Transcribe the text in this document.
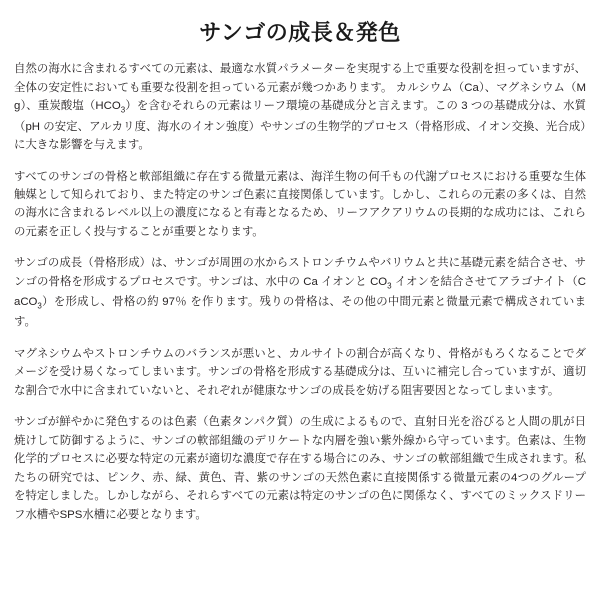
サンゴの成長＆発色

自然の海水に含まれるすべての元素は、最適な水質パラメーターを実現する上で重要な役割を担っていますが、全体の安定性においても重要な役割を担っている元素が幾つかあります。 カルシウム（Ca）、マグネシウム（Mg）、重炭酸塩$(HCO_3)$を含むそれらの元素はリーフ環境の基礎成分と言えます。この 3 つの基礎成分は、水質（pH の安定、アルカリ度、海水のイオン強度）やサンゴの生物学的プロセス（骨格形成、イオン交換、光合成）に大きな影響を与えます。

すべてのサンゴの骨格と軟部組織に存在する微量元素は、海洋生物の何千もの代謝プロセスにおける重要な生体触媒として知られており、また特定のサンゴ色素に直接関係しています。しかし、これらの元素の多くは、自然の海水に含まれるレベル以上の濃度になると有毒となるため、リーフアクアリウムの長期的な成功には、これらの元素を正しく投与することが重要となります。

サンゴの成長（骨格形成）は、サンゴが周囲の水からストロンチウムやバリウムと共に基礎元素を結合させ、サンゴの骨格を形成するプロセスです。サンゴは、水中の Ca イオンと $CO_3$ イオンを結合させてアラゴナイト（CaCO$_3$）を形成し、骨格の約 97％ を作ります。残りの骨格は、その他の中間元素と微量元素で構成されています。

マグネシウムやストロンチウムのバランスが悪いと、カルサイトの割合が高くなり、骨格がもろくなることでダメージを受け易くなってしまいます。サンゴの骨格を形成する基礎成分は、互いに補完し合っていますが、適切な割合で水中に含まれていないと、それぞれが健康なサンゴの成長を妨げる阻害要因となってしまいます。

サンゴが鮮やかに発色するのは色素（色素タンパク質）の生成によるもので、直射日光を浴びると人間の肌が日焼けして防御するように、サンゴの軟部組織のデリケートな内層を強い紫外線から守っています。色素は、生物化学的プロセスに必要な特定の元素が適切な濃度で存在する場合にのみ、サンゴの軟部組織で生成されます。私たちの研究では、ピンク、赤、緑、黄色、青、紫のサンゴの天然色素に直接関係する微量元素の4つのグループを特定しました。しかしながら、それらすべての元素は特定のサンゴの色に関係なく、すべてのミックスドリーフ水槽やSPS水槽に必要となります。
